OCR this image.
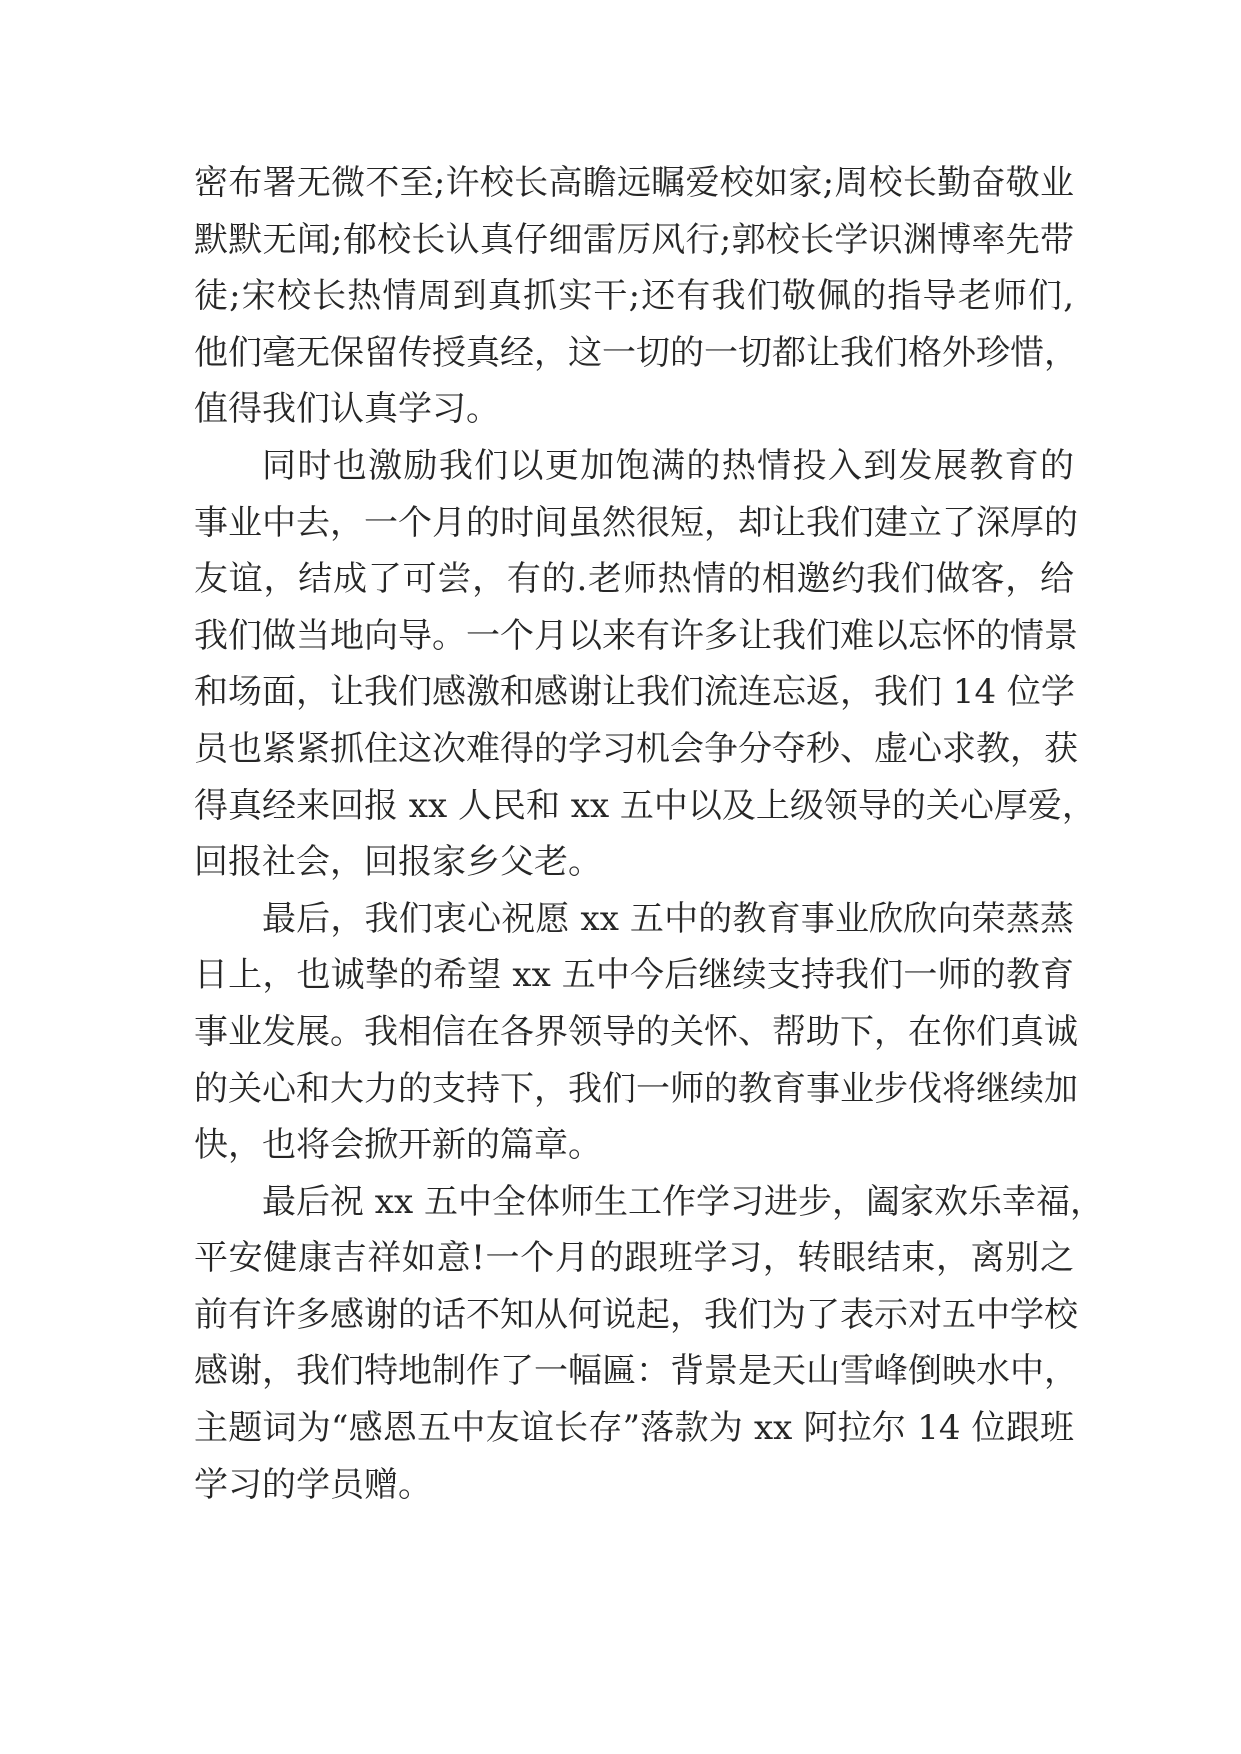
密布署无微不至;许校长高瞻远瞩爱校如家;周校长勤奋敬业
默默无闻;郁校长认真仔细雷厉风行;郭校长学识渊博率先带
徒;宋校长热情周到真抓实干;还有我们敬佩的指导老师们,
他们毫无保留传授真经，这一切的一切都让我们格外珍惜，
值得我们认真学习。
同时也激励我们以更加饱满的热情投入到发展教育的
事业中去，一个月的时间虽然很短，却让我们建立了深厚的
友谊，结成了可尝，有的.老师热情的相邀约我们做客，给
我们做当地向导。一个月以来有许多让我们难以忘怀的情景
和场面，让我们感激和感谢让我们流连忘返，我们 14 位学
员也紧紧抓住这次难得的学习机会争分夺秒、虚心求教，获
得真经来回报 xx 人民和 xx 五中以及上级领导的关心厚爱，
回报社会，回报家乡父老。
最后，我们衷心祝愿 xx 五中的教育事业欣欣向荣蒸蒸
日上，也诚挚的希望 xx 五中今后继续支持我们一师的教育
事业发展。我相信在各界领导的关怀、帮助下，在你们真诚
的关心和大力的支持下，我们一师的教育事业步伐将继续加
快，也将会掀开新的篇章。
最后祝 xx 五中全体师生工作学习进步，阖家欢乐幸福，
平安健康吉祥如意!一个月的跟班学习，转眼结束，离别之
前有许多感谢的话不知从何说起，我们为了表示对五中学校
感谢，我们特地制作了一幅匾：背景是天山雪峰倒映水中，
主题词为“感恩五中友谊长存”落款为 xx 阿拉尔 14 位跟班
学习的学员赠。
